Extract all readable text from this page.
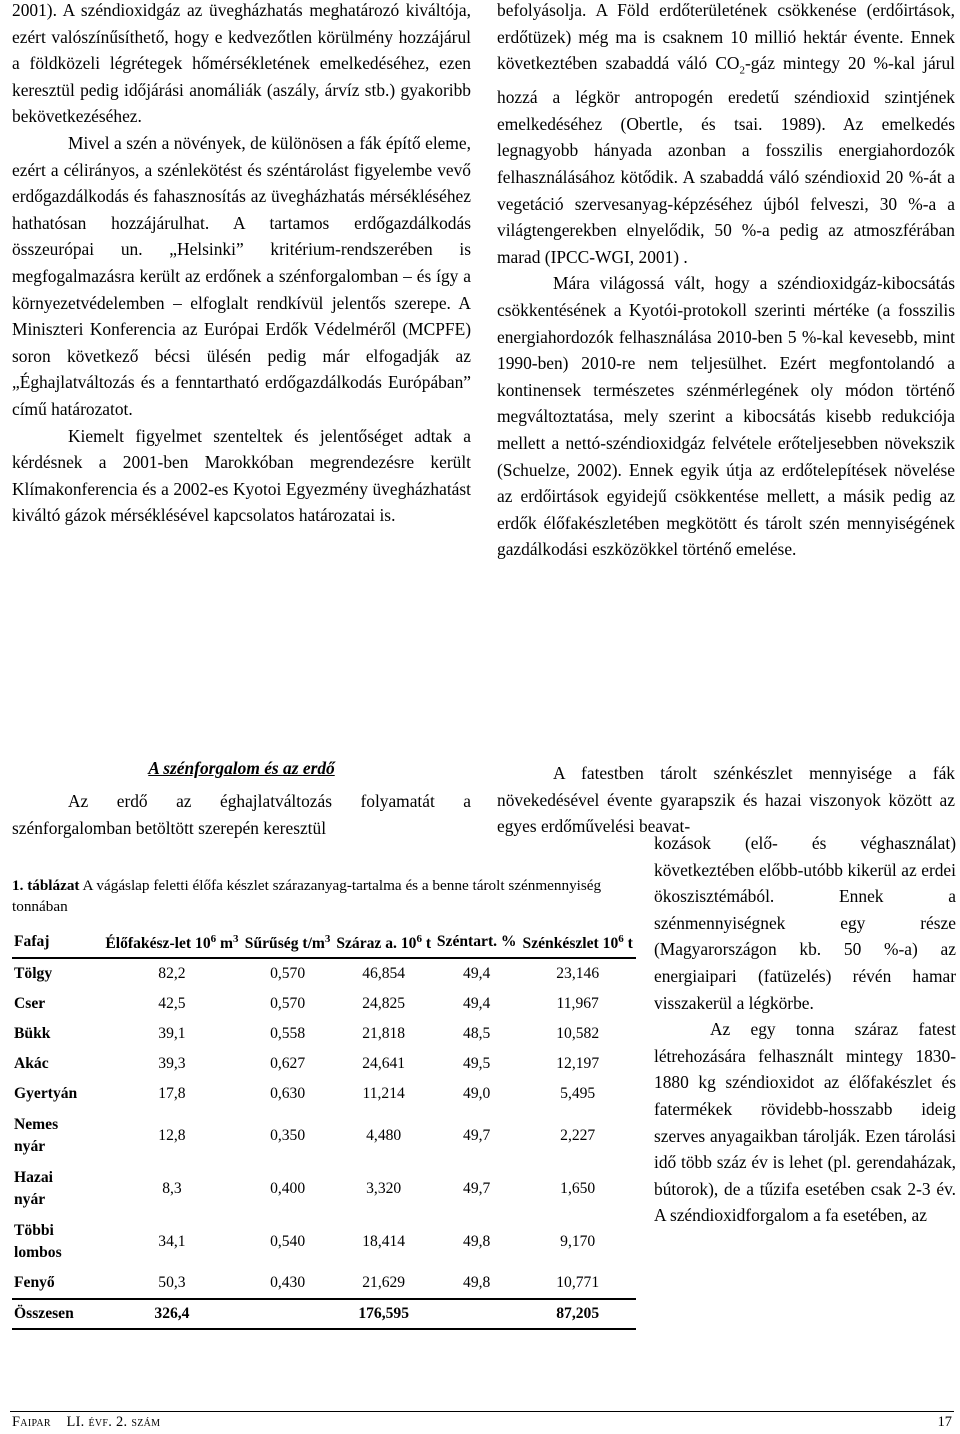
2001). A széndioxidgáz az üvegházhatás meghatározó kiváltója, ezért valószínűsíthető, hogy e kedvezőtlen körülmény hozzájárul a földközeli légrétegek hőmérsékletének emelkedéséhez, ezen keresztül pedig időjárási anomáliák (aszály, árvíz stb.) gyakoribb bekövetkezéséhez.

Mivel a szén a növények, de különösen a fák építő eleme, ezért a célirányos, a szénlekötést és széntárolást figyelembe vevő erdőgazdálkodás és fahasznosítás az üvegházhatás mérsékléséhez hathatósan hozzájárulhat. A tartamos erdőgazdálkodás összeurópai un. „Helsinki” kritérium-rendszerében is megfogalmazásra került az erdőnek a szénforgalomban – és így a környezetvédelemben – elfoglalt rendkívül jelentős szerepe. A Miniszteri Konferencia az Európai Erdők Védelméről (MCPFE) soron következő bécsi ülésén pedig már elfogadják az „Éghajlatváltozás és a fenntartható erdőgazdálkodás Európában” című határozatot.

Kiemelt figyelmet szenteltek és jelentőséget adtak a kérdésnek a 2001-ben Marokkóban megrendezésre került Klímakonferencia és a 2002-es Kyotoi Egyezmény üvegházhatást kiváltó gázok mérséklésével kapcsolatos határozatai is.

A szénforgalom és az erdő

Az erdő az éghajlatváltozás folyamatát a szénforgalomban betöltött szerepén keresztül

befolyásolja. A Föld erdőterületének csökkenése (erdőirtások, erdőtüzek) még ma is csaknem 10 millió hektár évente. Ennek következtében szabaddá váló $CO_2$-gáz mintegy 20 %-kal járul hozzá a légkör antropogén eredetű széndioxid szintjének emelkedéséhez (Obertle, és tsai. 1989). Az emelkedés legnagyobb hányada azonban a fosszilis energiahordozók felhasználásához kötődik. A szabaddá váló széndioxid 20 %-át a vegetáció szervesanyag-képzéséhez újból felveszi, 30 %-a a világtengerekben elnyelődik, 50 %-a pedig az atmoszférában marad (IPCC-WGI, 2001) .

Mára világossá vált, hogy a széndioxidgáz-kibocsátás csökkentésének a Kyotói-protokoll szerinti mértéke (a fosszilis energiahordozók felhasználása 2010-ben 5 %-kal kevesebb, mint 1990-ben) 2010-re nem teljesülhet. Ezért megfontolandó a kontinensek természetes szénmérlegének oly módon történő megváltoztatása, mely szerint a kibocsátás kisebb redukciója mellett a nettó-széndioxidgáz felvétele erőteljesebben növekszik (Schuelze, 2002). Ennek egyik útja az erdőtelepítések növelése az erdőirtások egyidejű csökkentése mellett, a másik pedig az erdők élőfakészletében megkötött és tárolt szén mennyiségének gazdálkodási eszközökkel történő emelése.

A fatestben tárolt szénkészlet mennyisége a fák növekedésével évente gyarapszik és hazai viszonyok között az egyes erdőművelési beavat-

kozások (elő- és véghasználat) következtében előbb-utóbb kikerül az erdei ökoszisztémából. Ennek a szénmennyiségnek egy része (Magyarországon kb. 50 %-a) az energiaipari (fatüzelés) révén hamar visszakerül a légkörbe.

Az egy tonna száraz fatest létrehozására felhasznált mintegy 1830-1880 kg széndioxidot az élőfakészlet és fatermékek rövidebb-hosszabb ideig szerves anyagaikban tárolják. Ezen tárolási idő több száz év is lehet (pl. gerendaházak, bútorok), de a tűzifa esetében csak 2-3 év. A széndioxidforgalom a fa esetében, az

1. táblázat A vágáslap feletti élőfa készlet szárazanyag-tartalma és a benne tárolt szénmennyiség tonnában

Fafaj	Élőfakész-let $10^6$ $m^3$	Sűrűség $t/m^3$	Száraz a. $10^6$ t	Széntart. %	Szénkészlet $10^6$ t
Tölgy	82,2	0,570	46,854	49,4	23,146
Cser	42,5	0,570	24,825	49,4	11,967
Bükk	39,1	0,558	21,818	48,5	10,582
Akác	39,3	0,627	24,641	49,5	12,197
Gyertyán	17,8	0,630	11,214	49,0	5,495
Nemes
nyár	12,8	0,350	4,480	49,7	2,227
Hazai
nyár	8,3	0,400	3,320	49,7	1,650
Többi
lombos	34,1	0,540	18,414	49,8	9,170
Fenyő	50,3	0,430	21,629	49,8	10,771
Összesen	326,4		176,595		87,205
Faipar LI. évf. 2. szám	17
